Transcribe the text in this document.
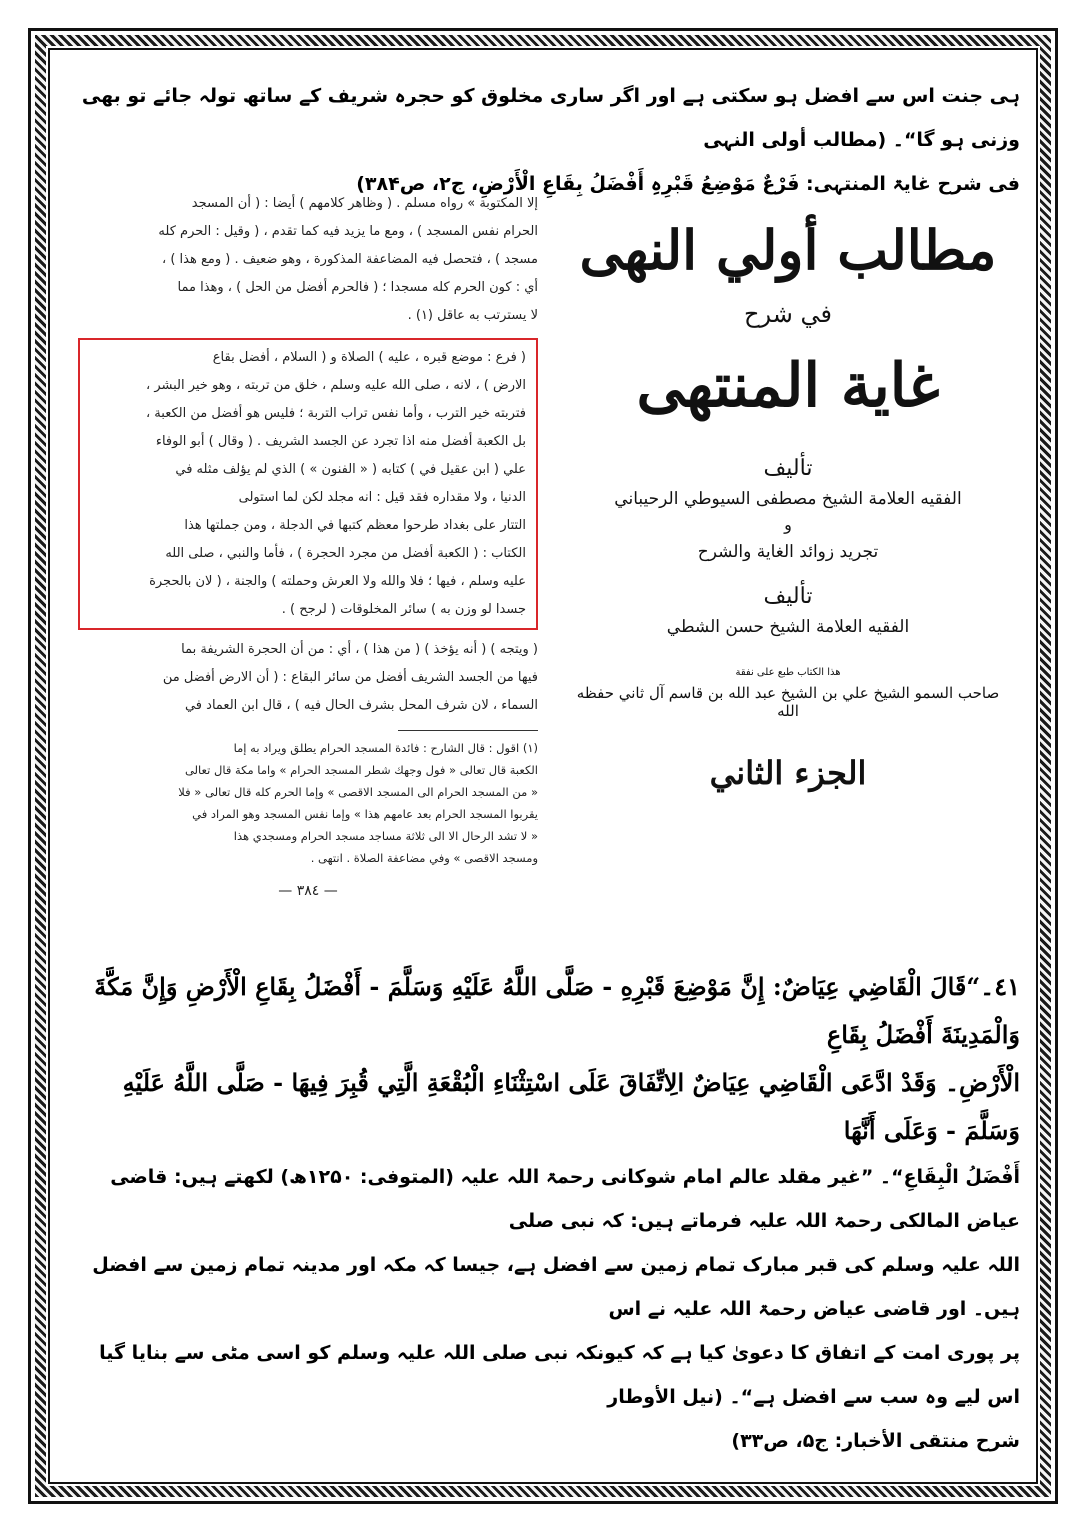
ہی جنت اس سے افضل ہو سکتی ہے اور اگر ساری مخلوق کو حجرہ شریف کے ساتھ تولہ جائے تو بھی وزنی ہو گا“۔ (مطالب أولی النہی

فی شرح غایۃ المنتہی: فَرْعٌ مَوْضِعُ قَبْرِہِ أَفْضَلُ بِقَاعِ الْأَرْضِ، ج۲، ص۳۸۴)

إلا المكتوبة » رواه مسلم . ( وظاهر كلامهم ) أيضا : ( أن المسجد

الحرام نفس المسجد ) ، ومع ما يزيد فيه كما تقدم ، ( وقيل : الحرم كله

مسجد ) ، فتحصل فيه المضاعفة المذكورة ، وهو ضعيف . ( ومع هذا ) ،

أي : كون الحرم كله مسجدا ؛ ( فالحرم أفضل من الحل ) ، وهذا مما

لا يسترتب به عاقل (١) .

( فرع : موضع قبره ، عليه ) الصلاة و ( السلام ، أفضل بقاع

الارض ) ، لانه ، صلى الله عليه وسلم ، خلق من تربته ، وهو خير البشر ،

فتربته خير الترب ، وأما نفس تراب التربة ؛ فليس هو أفضل من الكعبة ،

بل الكعبة أفضل منه اذا تجرد عن الجسد الشريف . ( وقال ) أبو الوفاء

علي ( ابن عقيل في ) كتابه ( « الفنون » ) الذي لم يؤلف مثله في

الدنيا ، ولا مقداره فقد قيل : انه مجلد لكن لما استولى

التتار على بغداد طرحوا معظم كتبها في الدجلة ، ومن جملتها هذا

الكتاب : ( الكعبة أفضل من مجرد الحجرة ) ، فأما والنبي ، صلى الله

عليه وسلم ، فيها ؛ فلا والله ولا العرش وحملته ) والجنة ، ( لان بالحجرة

جسدا لو وزن به ) سائر المخلوقات ( لرجح ) .

( ويتجه ) ( أنه يؤخذ ) ( من هذا ) ، أي : من أن الحجرة الشريفة بما

فيها من الجسد الشريف أفضل من سائر البقاع : ( أن الارض أفضل من

السماء ، لان شرف المحل بشرف الحال فيه ) ، قال ابن العماد في

(١) اقول : قال الشارح : فائدة المسجد الحرام يطلق ويراد به إما

الكعبة قال تعالى « فول وجهك شطر المسجد الحرام » واما مكة قال تعالى

« من المسجد الحرام الى المسجد الاقصى » وإما الحرم كله قال تعالى « فلا

يقربوا المسجد الحرام بعد عامهم هذا » وإما نفس المسجد وهو المراد في

« لا تشد الرحال الا الى ثلاثة مساجد مسجد الحرام ومسجدي هذا

ومسجد الاقصى » وفي مضاعفة الصلاة . انتهى .

— ٣٨٤ —
مطالب أولي النهى
في شرح
غاية المنتهى
تأليف
الفقيه العلامة الشيخ مصطفى السيوطي الرحيباني
و
تجريد زوائد الغاية والشرح
تأليف
الفقيه العلامة الشيخ حسن الشطي
هذا الكتاب طبع على نفقة
صاحب السمو الشيخ علي بن الشيخ عبد الله بن قاسم آل ثاني حفظه الله
الجزء الثاني

٤١۔“قَالَ الْقَاضِي عِيَاضٌ: إِنَّ مَوْضِعَ قَبْرِهِ - صَلَّى اللَّهُ عَلَيْهِ وَسَلَّمَ - أَفْضَلُ بِقَاعِ الْأَرْضِ وَإِنَّ مَكَّةَ وَالْمَدِينَةَ أَفْضَلُ بِقَاعِ

الْأَرْضِ۔ وَقَدْ ادَّعَى الْقَاضِي عِيَاضٌ الِاتِّفَاقَ عَلَى اسْتِثْنَاءِ الْبُقْعَةِ الَّتِي قُبِرَ فِيهَا - صَلَّى اللَّهُ عَلَيْهِ وَسَلَّمَ - وَعَلَى أَنَّهَا

أَفْضَلُ الْبِقَاعِ“۔ ”غیر مقلد عالم امام شوکانی رحمۃ اللہ علیہ (المتوفی: ۱۲۵۰ھ) لکھتے ہیں: قاضی عیاض المالکی رحمۃ اللہ علیہ فرماتے ہیں: کہ نبی صلی

اللہ علیہ وسلم کی قبر مبارک تمام زمین سے افضل ہے، جیسا کہ مکہ اور مدینہ تمام زمین سے افضل ہیں۔ اور قاضی عیاض رحمۃ اللہ علیہ نے اس

پر پوری امت کے اتفاق کا دعویٰ کیا ہے کہ کیونکہ نبی صلی اللہ علیہ وسلم کو اسی مٹی سے بنایا گیا اس لیے وہ سب سے افضل ہے“۔ (نیل الأوطار

شرح منتقی الأخبار: ج۵، ص۳۳)
